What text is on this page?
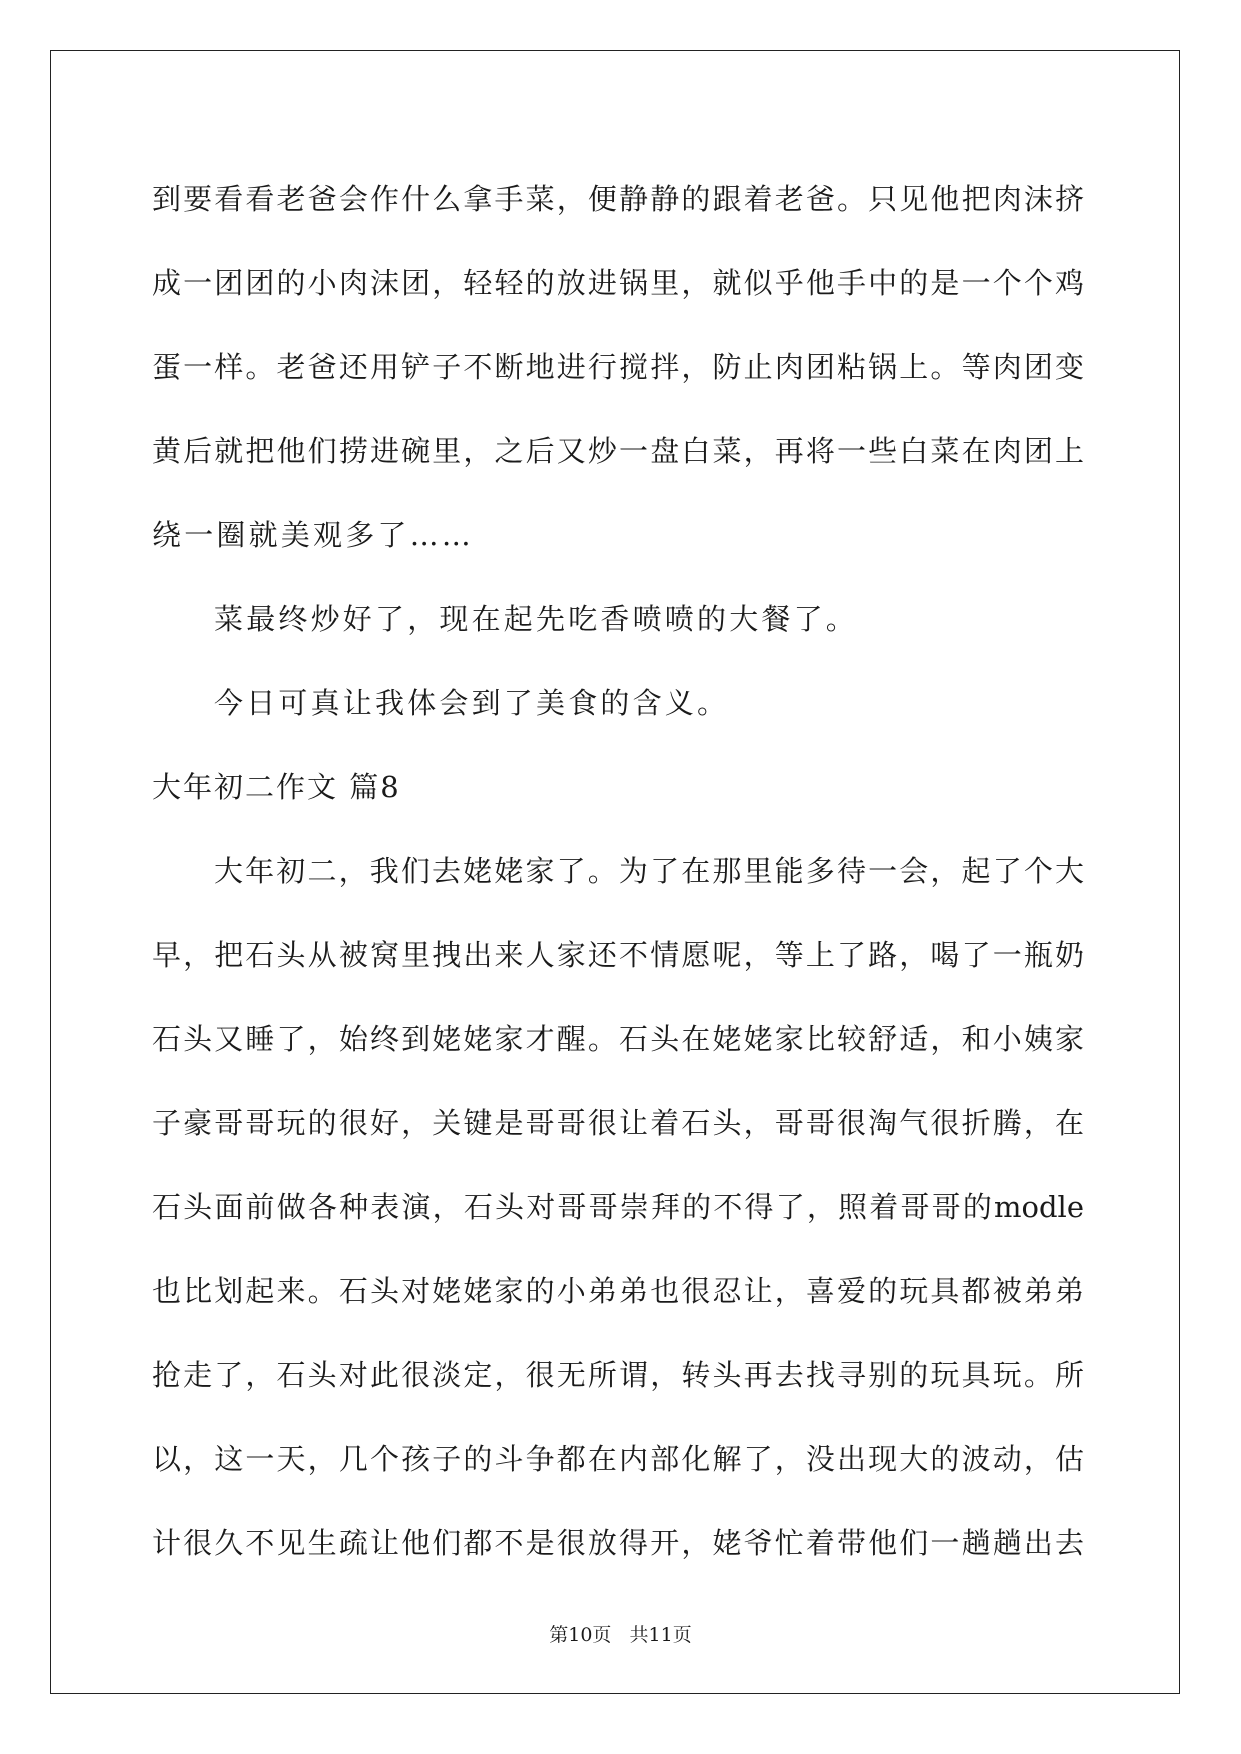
到要看看老爸会作什么拿手菜，便静静的跟着老爸。只见他把肉沫挤
成一团团的小肉沫团，轻轻的放进锅里，就似乎他手中的是一个个鸡
蛋一样。老爸还用铲子不断地进行搅拌，防止肉团粘锅上。等肉团变
黄后就把他们捞进碗里，之后又炒一盘白菜，再将一些白菜在肉团上
绕一圈就美观多了……
菜最终炒好了，现在起先吃香喷喷的大餐了。
今日可真让我体会到了美食的含义。
大年初二作文 篇8
大年初二，我们去姥姥家了。为了在那里能多待一会，起了个大
早，把石头从被窝里拽出来人家还不情愿呢，等上了路，喝了一瓶奶
石头又睡了，始终到姥姥家才醒。石头在姥姥家比较舒适，和小姨家
子豪哥哥玩的很好，关键是哥哥很让着石头，哥哥很淘气很折腾，在
石头面前做各种表演，石头对哥哥崇拜的不得了，照着哥哥的modle
也比划起来。石头对姥姥家的小弟弟也很忍让，喜爱的玩具都被弟弟
抢走了，石头对此很淡定，很无所谓，转头再去找寻别的玩具玩。所
以，这一天，几个孩子的斗争都在内部化解了，没出现大的波动，估
计很久不见生疏让他们都不是很放得开，姥爷忙着带他们一趟趟出去
第10页   共11页
